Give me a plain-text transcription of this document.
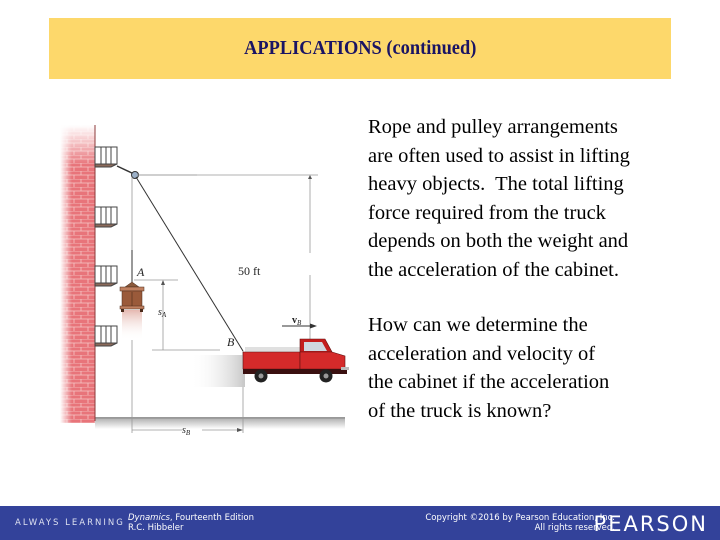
APPLICATIONS (continued)
50 ft
A
B
$s_A$
$s_B$
$v_B$
Rope and pulley arrangements
are often used to assist in lifting
heavy objects.  The total lifting
force required from the truck
depends on both the weight and
the acceleration of the cabinet.
How can we determine the
acceleration and velocity of
the cabinet if the acceleration
of the truck is known?
ALWAYS LEARNING Dynamics, Fourteenth Edition
R.C. Hibbeler
Copyright ©2016 by Pearson Education, Inc.
All rights reserved.
PEARSON
